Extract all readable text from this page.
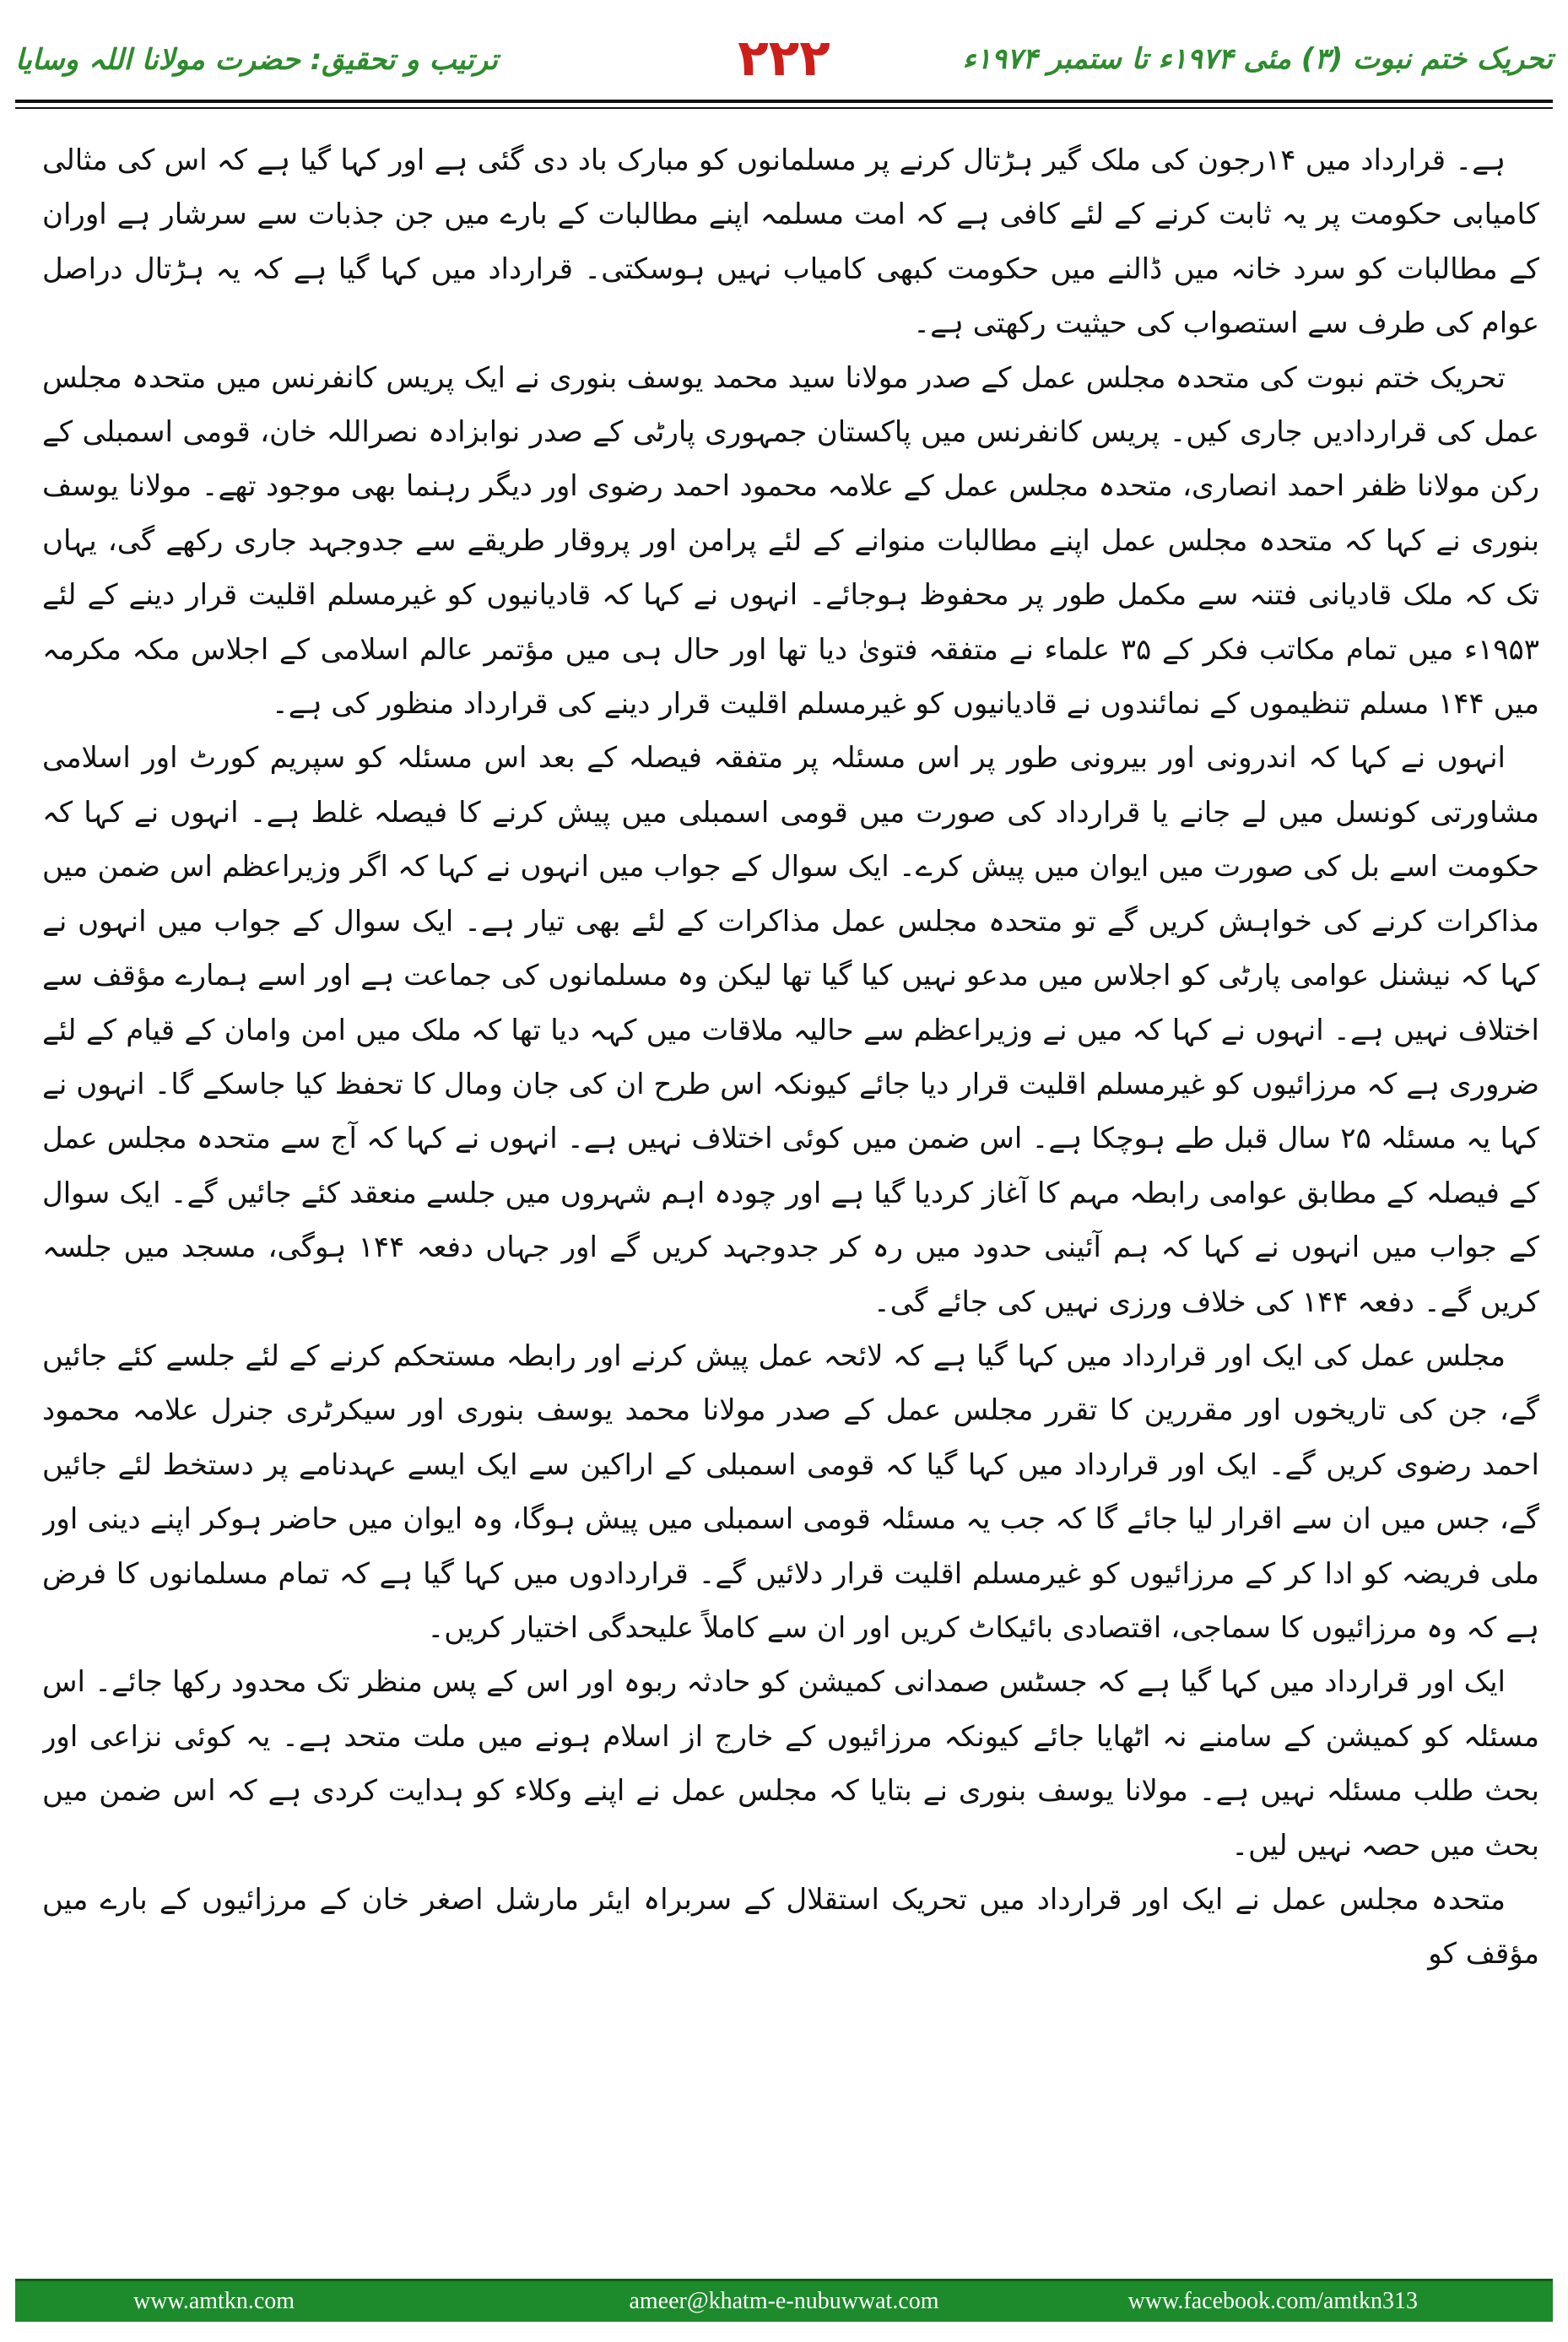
تحریک ختم نبوت (۳) مئی ۱۹۷۴ء تا ستمبر ۱۹۷۴ء
۲۲۲
ترتیب و تحقیق: حضرت مولانا اللہ وسایا

ہے۔ قرارداد میں ۱۴رجون کی ملک گیر ہڑتال کرنے پر مسلمانوں کو مبارک باد دی گئی ہے اور کہا گیا ہے کہ اس کی مثالی کامیابی حکومت پر یہ ثابت کرنے کے لئے کافی ہے کہ امت مسلمہ اپنے مطالبات کے بارے میں جن جذبات سے سرشار ہے اوران کے مطالبات کو سرد خانہ میں ڈالنے میں حکومت کبھی کامیاب نہیں ہوسکتی۔ قرارداد میں کہا گیا ہے کہ یہ ہڑتال دراصل عوام کی طرف سے استصواب کی حیثیت رکھتی ہے۔

تحریک ختم نبوت کی متحدہ مجلس عمل کے صدر مولانا سید محمد یوسف بنوری نے ایک پریس کانفرنس میں متحدہ مجلس عمل کی قراردادیں جاری کیں۔ پریس کانفرنس میں پاکستان جمہوری پارٹی کے صدر نوابزادہ نصراللہ خان، قومی اسمبلی کے رکن مولانا ظفر احمد انصاری، متحدہ مجلس عمل کے علامہ محمود احمد رضوی اور دیگر رہنما بھی موجود تھے۔ مولانا یوسف بنوری نے کہا کہ متحدہ مجلس عمل اپنے مطالبات منوانے کے لئے پرامن اور پروقار طریقے سے جدوجہد جاری رکھے گی، یہاں تک کہ ملک قادیانی فتنہ سے مکمل طور پر محفوظ ہوجائے۔ انہوں نے کہا کہ قادیانیوں کو غیرمسلم اقلیت قرار دینے کے لئے ۱۹۵۳ء میں تمام مکاتب فکر کے ۳۵ علماء نے متفقہ فتویٰ دیا تھا اور حال ہی میں مؤتمر عالم اسلامی کے اجلاس مکہ مکرمہ میں ۱۴۴ مسلم تنظیموں کے نمائندوں نے قادیانیوں کو غیرمسلم اقلیت قرار دینے کی قرارداد منظور کی ہے۔

انہوں نے کہا کہ اندرونی اور بیرونی طور پر اس مسئلہ پر متفقہ فیصلہ کے بعد اس مسئلہ کو سپریم کورٹ اور اسلامی مشاورتی کونسل میں لے جانے یا قرارداد کی صورت میں قومی اسمبلی میں پیش کرنے کا فیصلہ غلط ہے۔ انہوں نے کہا کہ حکومت اسے بل کی صورت میں ایوان میں پیش کرے۔ ایک سوال کے جواب میں انہوں نے کہا کہ اگر وزیراعظم اس ضمن میں مذاکرات کرنے کی خواہش کریں گے تو متحدہ مجلس عمل مذاکرات کے لئے بھی تیار ہے۔ ایک سوال کے جواب میں انہوں نے کہا کہ نیشنل عوامی پارٹی کو اجلاس میں مدعو نہیں کیا گیا تھا لیکن وہ مسلمانوں کی جماعت ہے اور اسے ہمارے مؤقف سے اختلاف نہیں ہے۔ انہوں نے کہا کہ میں نے وزیراعظم سے حالیہ ملاقات میں کہہ دیا تھا کہ ملک میں امن وامان کے قیام کے لئے ضروری ہے کہ مرزائیوں کو غیرمسلم اقلیت قرار دیا جائے کیونکہ اس طرح ان کی جان ومال کا تحفظ کیا جاسکے گا۔ انہوں نے کہا یہ مسئلہ ۲۵ سال قبل طے ہوچکا ہے۔ اس ضمن میں کوئی اختلاف نہیں ہے۔ انہوں نے کہا کہ آج سے متحدہ مجلس عمل کے فیصلہ کے مطابق عوامی رابطہ مہم کا آغاز کردیا گیا ہے اور چودہ اہم شہروں میں جلسے منعقد کئے جائیں گے۔ ایک سوال کے جواب میں انہوں نے کہا کہ ہم آئینی حدود میں رہ کر جدوجہد کریں گے اور جہاں دفعہ ۱۴۴ ہوگی، مسجد میں جلسہ کریں گے۔ دفعہ ۱۴۴ کی خلاف ورزی نہیں کی جائے گی۔

مجلس عمل کی ایک اور قرارداد میں کہا گیا ہے کہ لائحہ عمل پیش کرنے اور رابطہ مستحکم کرنے کے لئے جلسے کئے جائیں گے، جن کی تاریخوں اور مقررین کا تقرر مجلس عمل کے صدر مولانا محمد یوسف بنوری اور سیکرٹری جنرل علامہ محمود احمد رضوی کریں گے۔ ایک اور قرارداد میں کہا گیا کہ قومی اسمبلی کے اراکین سے ایک ایسے عہدنامے پر دستخط لئے جائیں گے، جس میں ان سے اقرار لیا جائے گا کہ جب یہ مسئلہ قومی اسمبلی میں پیش ہوگا، وہ ایوان میں حاضر ہوکر اپنے دینی اور ملی فریضہ کو ادا کر کے مرزائیوں کو غیرمسلم اقلیت قرار دلائیں گے۔ قراردادوں میں کہا گیا ہے کہ تمام مسلمانوں کا فرض ہے کہ وہ مرزائیوں کا سماجی، اقتصادی بائیکاٹ کریں اور ان سے کاملاً علیحدگی اختیار کریں۔

ایک اور قرارداد میں کہا گیا ہے کہ جسٹس صمدانی کمیشن کو حادثہ ربوہ اور اس کے پس منظر تک محدود رکھا جائے۔ اس مسئلہ کو کمیشن کے سامنے نہ اٹھایا جائے کیونکہ مرزائیوں کے خارج از اسلام ہونے میں ملت متحد ہے۔ یہ کوئی نزاعی اور بحث طلب مسئلہ نہیں ہے۔ مولانا یوسف بنوری نے بتایا کہ مجلس عمل نے اپنے وکلاء کو ہدایت کردی ہے کہ اس ضمن میں بحث میں حصہ نہیں لیں۔

متحدہ مجلس عمل نے ایک اور قرارداد میں تحریک استقلال کے سربراہ ایئر مارشل اصغر خان کے مرزائیوں کے بارے میں مؤقف کو

www.amtkn.com	ameer@khatm-e-nubuwwat.com	www.facebook.com/amtkn313
